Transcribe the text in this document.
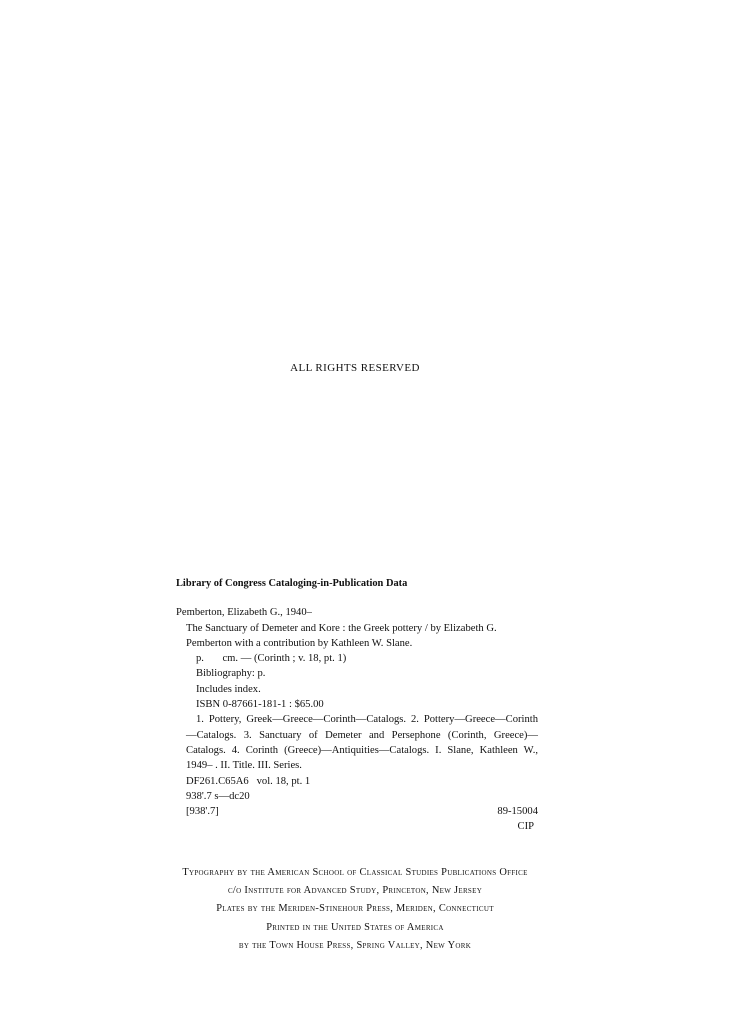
ALL RIGHTS RESERVED
Library of Congress Cataloging-in-Publication Data

Pemberton, Elizabeth G., 1940–

The Sanctuary of Demeter and Kore : the Greek pottery / by Elizabeth G.

Pemberton with a contribution by Kathleen W. Slane.

p.       cm. — (Corinth ; v. 18, pt. 1)

Bibliography: p.

Includes index.

ISBN 0-87661-181-1 : $65.00

1. Pottery, Greek—Greece—Corinth—Catalogs. 2. Pottery—Greece—Corinth—Catalogs. 3. Sanctuary of Demeter and Persephone (Corinth, Greece)—Catalogs. 4. Corinth (Greece)—Antiquities—Catalogs. I. Slane, Kathleen W., 1949– . II. Title. III. Series.

DF261.C65A6   vol. 18, pt. 1

938'.7 s—dc20

[938'.7]	89-15004
CIP

Typography by the American School of Classical Studies Publications Office

c/o Institute for Advanced Study, Princeton, New Jersey

Plates by the Meriden-Stinehour Press, Meriden, Connecticut

Printed in the United States of America

by the Town House Press, Spring Valley, New York
